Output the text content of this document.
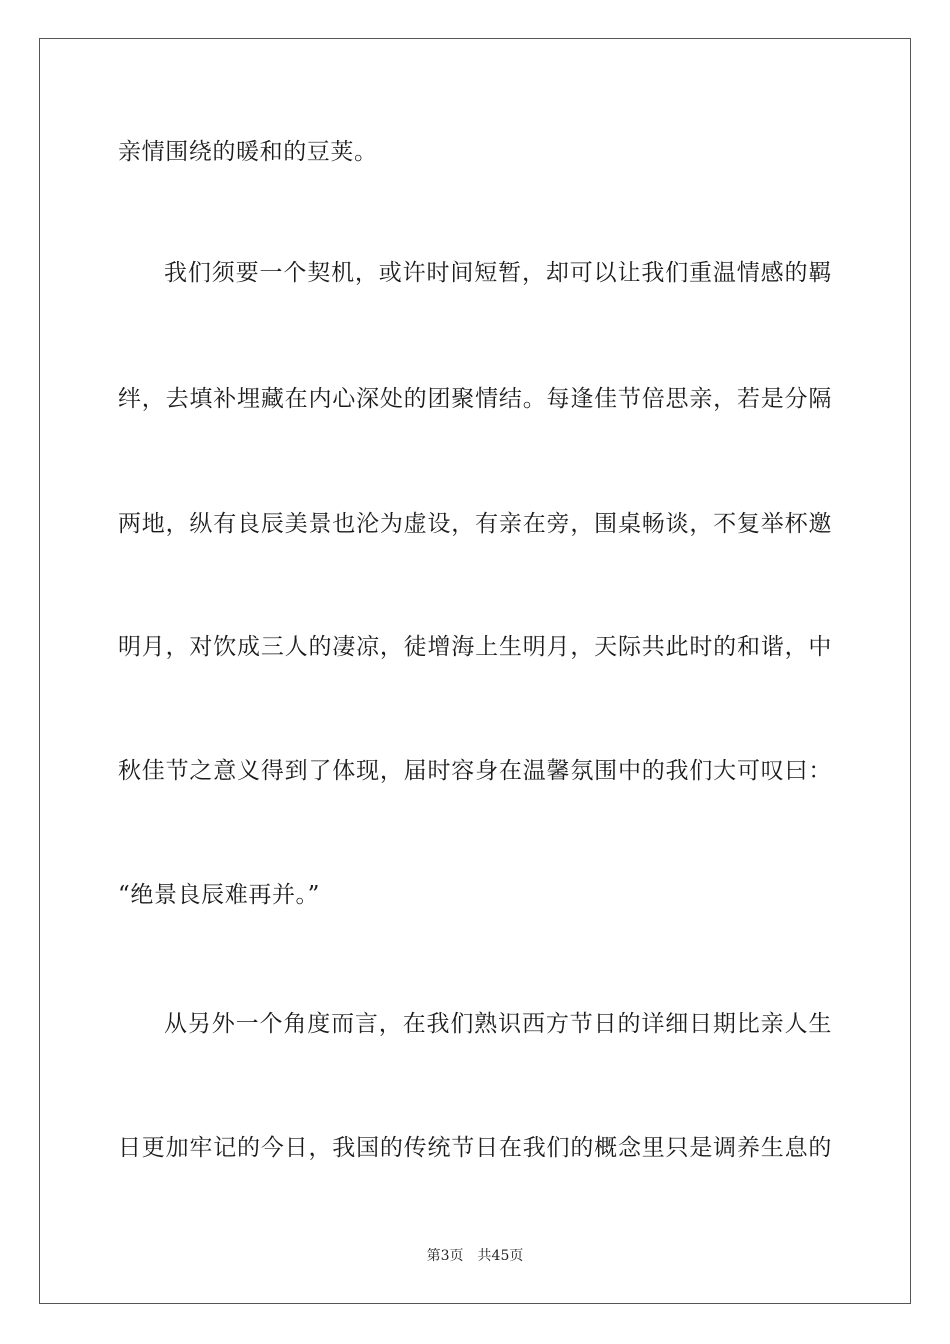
亲情围绕的暖和的豆荚。
我们须要一个契机，或许时间短暂，却可以让我们重温情感的羁
绊，去填补埋藏在内心深处的团聚情结。每逢佳节倍思亲，若是分隔
两地，纵有良辰美景也沦为虚设，有亲在旁，围桌畅谈，不复举杯邀
明月，对饮成三人的凄凉，徒增海上生明月，天际共此时的和谐，中
秋佳节之意义得到了体现，届时容身在温馨氛围中的我们大可叹曰：
“绝景良辰难再并。”
从另外一个角度而言，在我们熟识西方节日的详细日期比亲人生
日更加牢记的今日，我国的传统节日在我们的概念里只是调养生息的
第3页　共45页
